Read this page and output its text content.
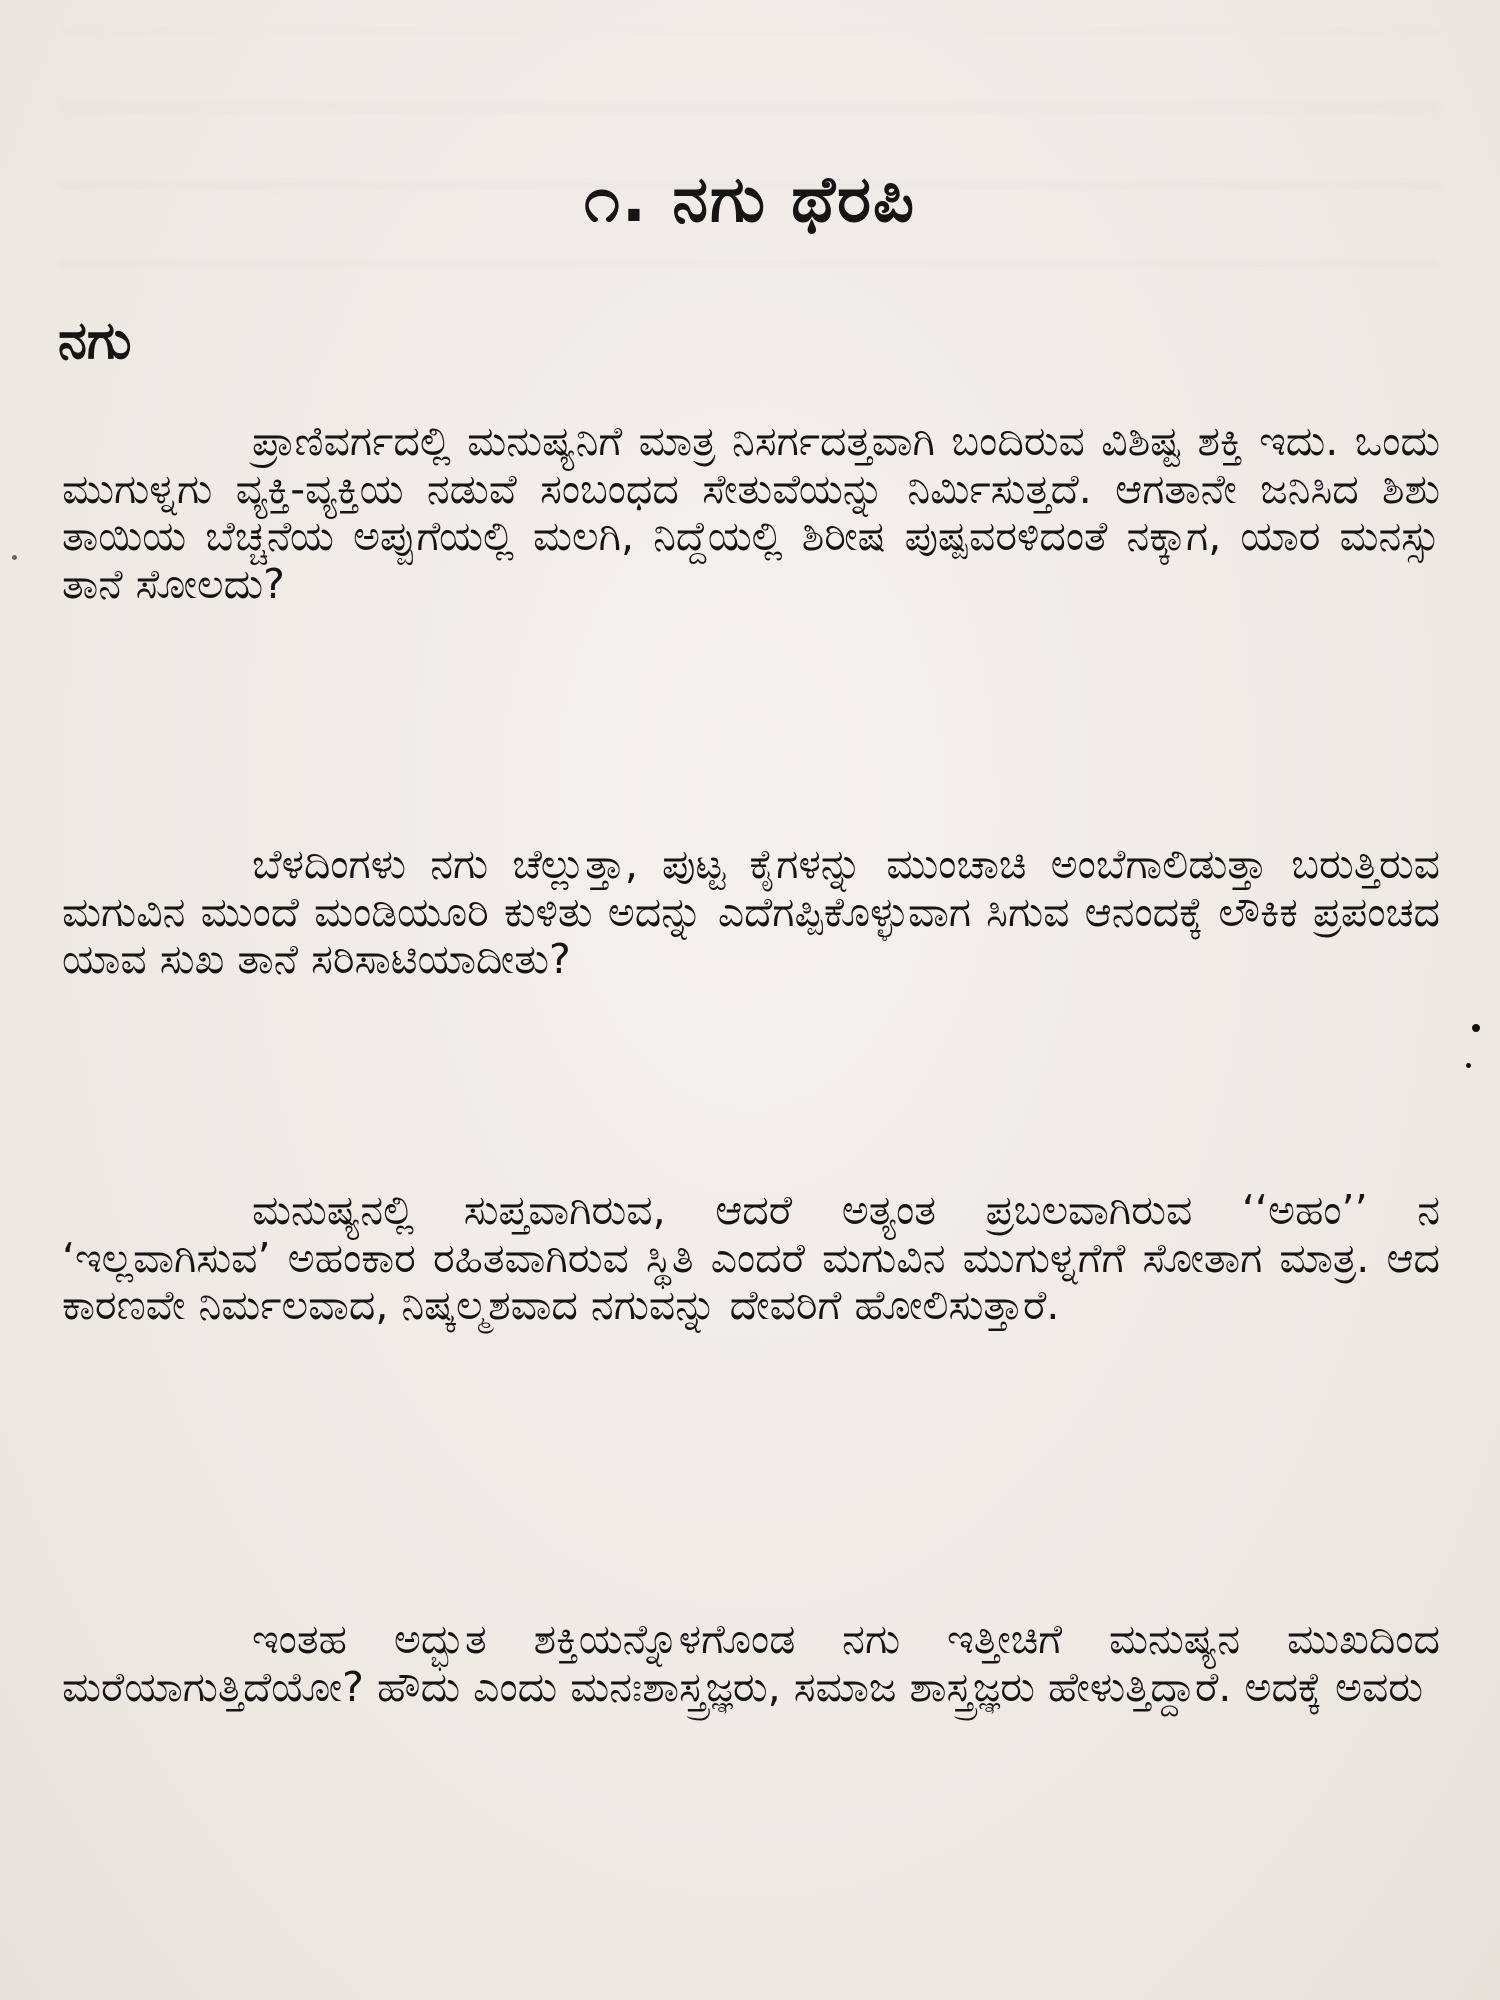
೧. ನಗು ಥೆರಪಿ
ನಗು

ಪ್ರಾಣಿವರ್ಗದಲ್ಲಿ ಮನುಷ್ಯನಿಗೆ ಮಾತ್ರ ನಿಸರ್ಗದತ್ತವಾಗಿ ಬಂದಿರುವ ವಿಶಿಷ್ಟ ಶಕ್ತಿ ಇದು. ಒಂದು ಮುಗುಳ್ನಗು ವ್ಯಕ್ತಿ-ವ್ಯಕ್ತಿಯ ನಡುವೆ ಸಂಬಂಧದ ಸೇತುವೆಯನ್ನು ನಿರ್ಮಿಸುತ್ತದೆ. ಆಗತಾನೇ ಜನಿಸಿದ ಶಿಶು ತಾಯಿಯ ಬೆಚ್ಚನೆಯ ಅಪ್ಪುಗೆಯಲ್ಲಿ ಮಲಗಿ, ನಿದ್ದೆಯಲ್ಲಿ ಶಿರೀಷ ಪುಷ್ಪವರಳಿದಂತೆ ನಕ್ಕಾಗ, ಯಾರ ಮನಸ್ಸು ತಾನೆ ಸೋಲದು?

ಬೆಳದಿಂಗಳು ನಗು ಚೆಲ್ಲುತ್ತಾ, ಪುಟ್ಟ ಕೈಗಳನ್ನು ಮುಂಚಾಚಿ ಅಂಬೆಗಾಲಿಡುತ್ತಾ ಬರುತ್ತಿರುವ ಮಗುವಿನ ಮುಂದೆ ಮಂಡಿಯೂರಿ ಕುಳಿತು ಅದನ್ನು ಎದೆಗಪ್ಪಿಕೊಳ್ಳುವಾಗ ಸಿಗುವ ಆನಂದಕ್ಕೆ ಲೌಕಿಕ ಪ್ರಪಂಚದ ಯಾವ ಸುಖ ತಾನೆ ಸರಿಸಾಟಿಯಾದೀತು?

ಮನುಷ್ಯನಲ್ಲಿ ಸುಪ್ತವಾಗಿರುವ, ಆದರೆ ಅತ್ಯಂತ ಪ್ರಬಲವಾಗಿರುವ ‘‘ಅಹಂ’’ ನ ‘ಇಲ್ಲವಾಗಿಸುವ’ ಅಹಂಕಾರ ರಹಿತವಾಗಿರುವ ಸ್ಥಿತಿ ಎಂದರೆ ಮಗುವಿನ ಮುಗುಳ್ನಗೆಗೆ ಸೋತಾಗ ಮಾತ್ರ. ಆದ ಕಾರಣವೇ ನಿರ್ಮಲವಾದ, ನಿಷ್ಕಲ್ಮಶವಾದ ನಗುವನ್ನು ದೇವರಿಗೆ ಹೋಲಿಸುತ್ತಾರೆ.

ಇಂತಹ ಅದ್ಭುತ ಶಕ್ತಿಯನ್ನೊಳಗೊಂಡ ನಗು ಇತ್ತೀಚಿಗೆ ಮನುಷ್ಯನ ಮುಖದಿಂದ ಮರೆಯಾಗುತ್ತಿದೆಯೋ? ಹೌದು ಎಂದು ಮನಃಶಾಸ್ತ್ರಜ್ಞರು, ಸಮಾಜ ಶಾಸ್ತ್ರಜ್ಞರು ಹೇಳುತ್ತಿದ್ದಾರೆ. ಅದಕ್ಕೆ ಅವರು
